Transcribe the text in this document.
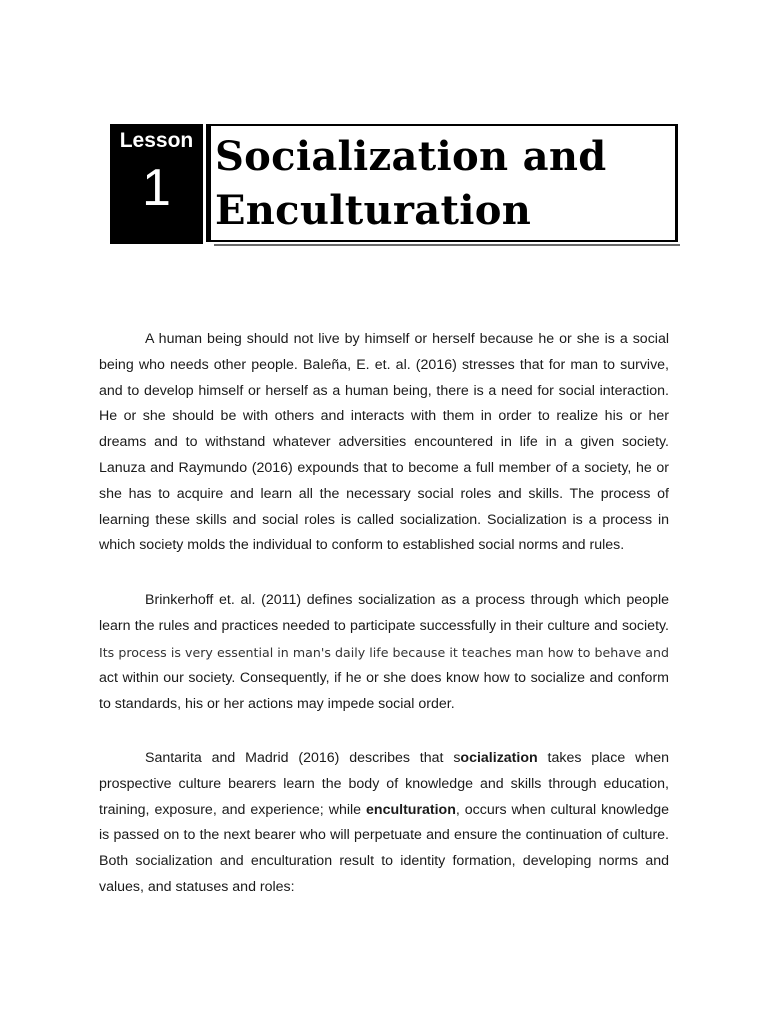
Lesson
1
Socialization and
Enculturation

A human being should not live by himself or herself because he or she is a social being who needs other people. Baleña, E. et. al. (2016) stresses that for man to survive, and to develop himself or herself as a human being, there is a need for social interaction. He or she should be with others and interacts with them in order to realize his or her dreams and to withstand whatever adversities encountered in life in a given society. Lanuza and Raymundo (2016) expounds that to become a full member of a society, he or she has to acquire and learn all the necessary social roles and skills. The process of learning these skills and social roles is called socialization. Socialization is a process in which society molds the individual to conform to established social norms and rules.

Brinkerhoff et. al. (2011) defines socialization as a process through which people learn the rules and practices needed to participate successfully in their culture and society. Its process is very essential in man's daily life because it teaches man how to behave and act within our society. Consequently, if he or she does know how to socialize and conform to standards, his or her actions may impede social order.

Santarita and Madrid (2016) describes that socialization takes place when prospective culture bearers learn the body of knowledge and skills through education, training, exposure, and experience; while enculturation, occurs when cultural knowledge is passed on to the next bearer who will perpetuate and ensure the continuation of culture. Both socialization and enculturation result to identity formation, developing norms and values, and statuses and roles:
